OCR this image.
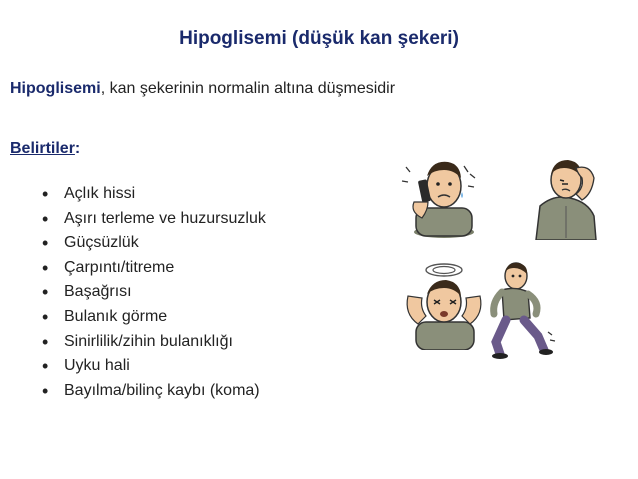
Hipoglisemi (düşük kan şekeri)
Hipoglisemi, kan şekerinin normalin altına düşmesidir
Belirtiler:
• Açlık hissi
• Aşırı terleme ve huzursuzluk
• Güçsüzlük
• Çarpıntı/titreme
• Başağrısı
• Bulanık görme
• Sinirlilik/zihin bulanıklığı
• Uyku hali
• Bayılma/bilinç kaybı (koma)
